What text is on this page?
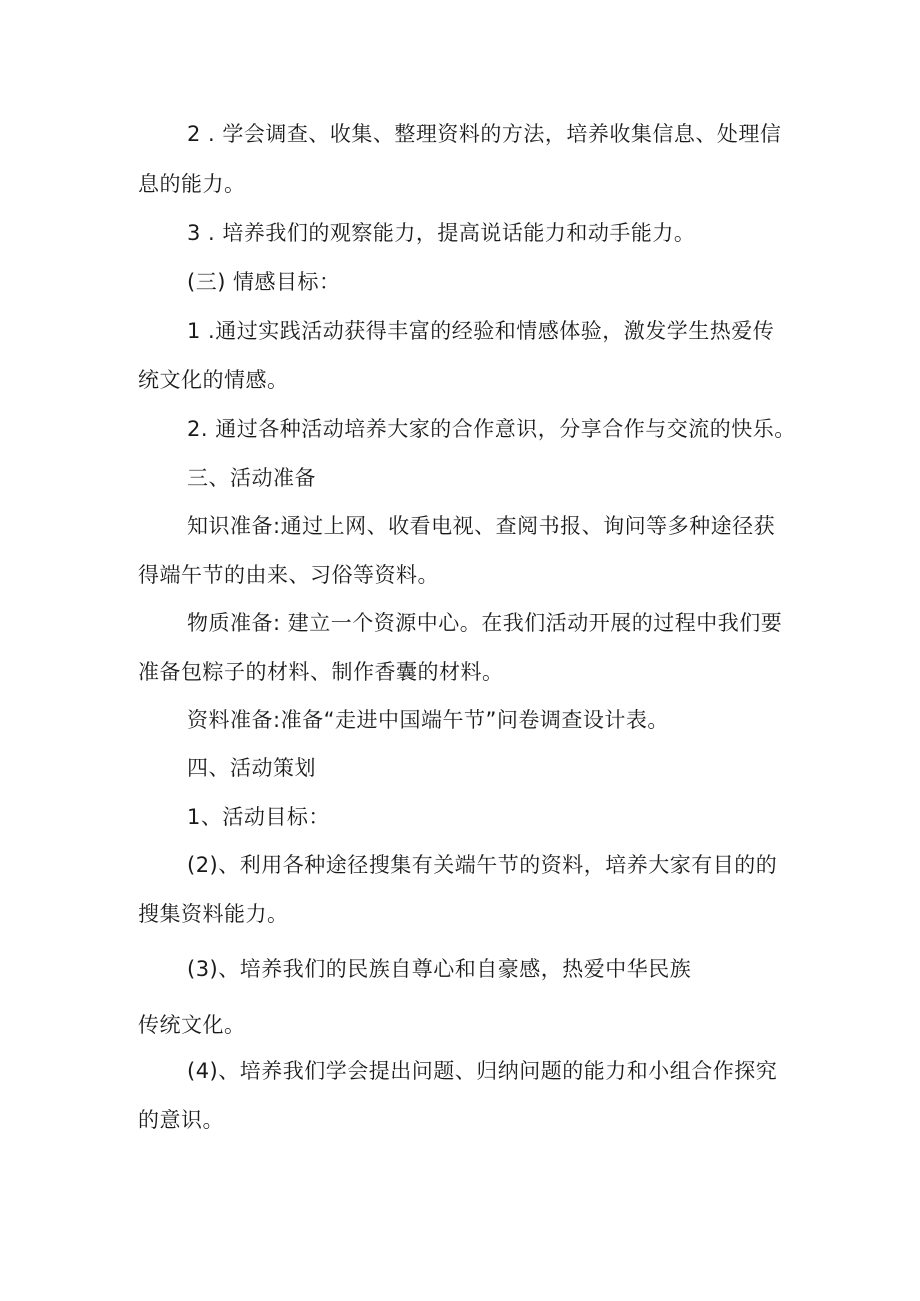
2 . 学会调查、收集、整理资料的方法，培养收集信息、处理信
息的能力。
3 . 培养我们的观察能力，提高说话能力和动手能力。
(三) 情感目标：
1 .通过实践活动获得丰富的经验和情感体验，激发学生热爱传
统文化的情感。
2. 通过各种活动培养大家的合作意识，分享合作与交流的快乐。
三、活动准备
知识准备:通过上网、收看电视、查阅书报、询问等多种途径获
得端午节的由来、习俗等资料。
物质准备: 建立一个资源中心。在我们活动开展的过程中我们要
准备包粽子的材料、制作香囊的材料。
资料准备:准备“走进中国端午节”问卷调查设计表。
四、活动策划
1、活动目标：
(2)、利用各种途径搜集有关端午节的资料，培养大家有目的的
搜集资料能力。
(3)、培养我们的民族自尊心和自豪感，热爱中华民族
传统文化。
(4)、培养我们学会提出问题、归纳问题的能力和小组合作探究
的意识。
